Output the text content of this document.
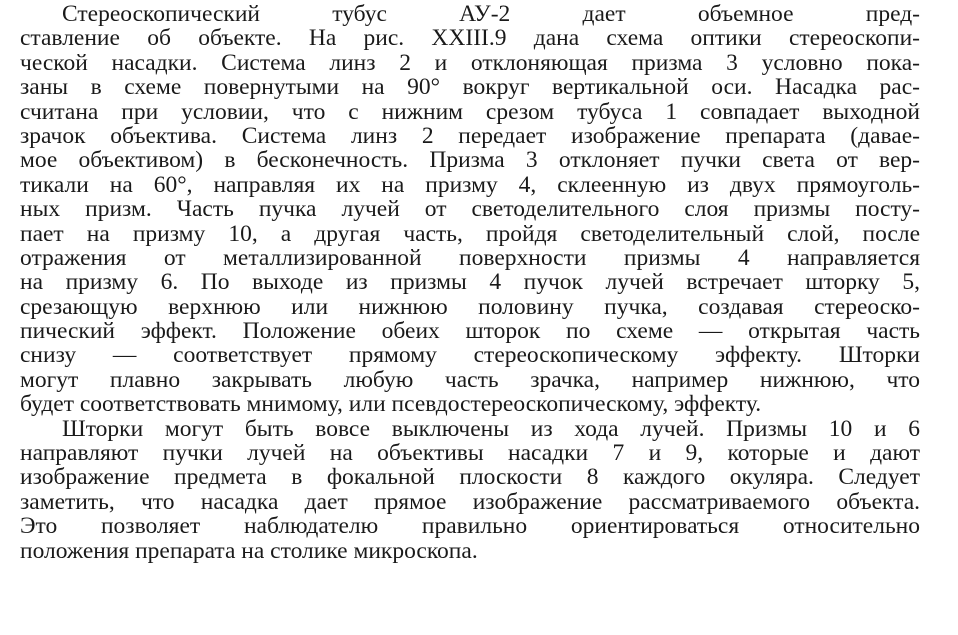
Стереоскопический тубус АУ-2 дает объемное пред-
ставление об объекте. На рис. XXIII.9 дана схема оптики стереоскопи-
ческой насадки. Система линз 2 и отклоняющая призма 3 условно пока-
заны в схеме повернутыми на 90° вокруг вертикальной оси. Насадка рас-
считана при условии, что с нижним срезом тубуса 1 совпадает выходной
зрачок объектива. Система линз 2 передает изображение препарата (давае-
мое объективом) в бесконечность. Призма 3 отклоняет пучки света от вер-
тикали на 60°, направляя их на призму 4, склеенную из двух прямоуголь-
ных призм. Часть пучка лучей от светоделительного слоя призмы посту-
пает на призму 10, а другая часть, пройдя светоделительный слой, после
отражения от металлизированной поверхности призмы 4 направляется
на призму 6. По выходе из призмы 4 пучок лучей встречает шторку 5,
срезающую верхнюю или нижнюю половину пучка, создавая стереоско-
пический эффект. Положение обеих шторок по схеме — открытая часть
снизу — соответствует прямому стереоскопическому эффекту. Шторки
могут плавно закрывать любую часть зрачка, например нижнюю, что
будет соответствовать мнимому, или псевдостереоскопическому, эффекту.
Шторки могут быть вовсе выключены из хода лучей. Призмы 10 и 6
направляют пучки лучей на объективы насадки 7 и 9, которые и дают
изображение предмета в фокальной плоскости 8 каждого окуляра. Следует
заметить, что насадка дает прямое изображение рассматриваемого объекта.
Это позволяет наблюдателю правильно ориентироваться относительно
положения препарата на столике микроскопа.
